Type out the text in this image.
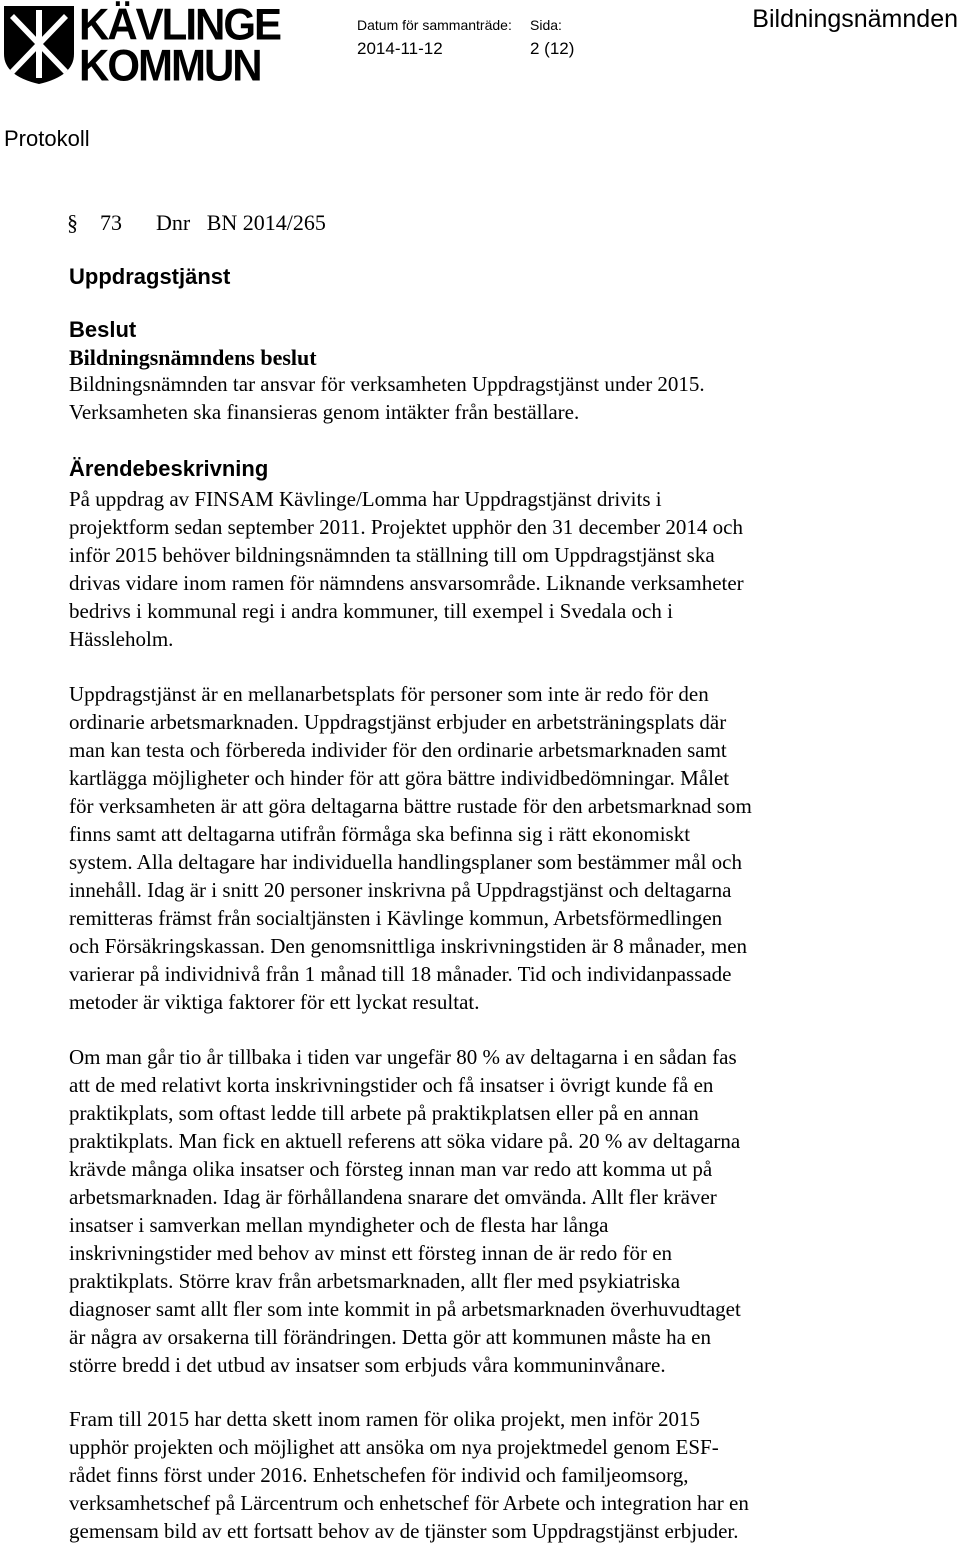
KÄVLINGE
KOMMUN
Datum för sammanträde: Sida:
2014-11-12	2 (12)
Bildningsnämnden
Protokoll
§ 73 Dnr   BN 2014/265
Uppdragstjänst
Beslut
Bildningsnämndens beslut

Bildningsnämnden tar ansvar för verksamheten Uppdragstjänst under 2015.
Verksamheten ska finansieras genom intäkter från beställare.

Ärendebeskrivning

På uppdrag av FINSAM Kävlinge/Lomma har Uppdragstjänst drivits i
projektform sedan september 2011. Projektet upphör den 31 december 2014 och
inför 2015 behöver bildningsnämnden ta ställning till om Uppdragstjänst ska
drivas vidare inom ramen för nämndens ansvarsområde. Liknande verksamheter
bedrivs i kommunal regi i andra kommuner, till exempel i Svedala och i
Hässleholm.

Uppdragstjänst är en mellanarbetsplats för personer som inte är redo för den
ordinarie arbetsmarknaden. Uppdragstjänst erbjuder en arbetsträningsplats där
man kan testa och förbereda individer för den ordinarie arbetsmarknaden samt
kartlägga möjligheter och hinder för att göra bättre individbedömningar. Målet
för verksamheten är att göra deltagarna bättre rustade för den arbetsmarknad som
finns samt att deltagarna utifrån förmåga ska befinna sig i rätt ekonomiskt
system. Alla deltagare har individuella handlingsplaner som bestämmer mål och
innehåll. Idag är i snitt 20 personer inskrivna på Uppdragstjänst och deltagarna
remitteras främst från socialtjänsten i Kävlinge kommun, Arbetsförmedlingen
och Försäkringskassan. Den genomsnittliga inskrivningstiden är 8 månader, men
varierar på individnivå från 1 månad till 18 månader. Tid och individanpassade
metoder är viktiga faktorer för ett lyckat resultat.

Om man går tio år tillbaka i tiden var ungefär 80 % av deltagarna i en sådan fas
att de med relativt korta inskrivningstider och få insatser i övrigt kunde få en
praktikplats, som oftast ledde till arbete på praktikplatsen eller på en annan
praktikplats. Man fick en aktuell referens att söka vidare på. 20 % av deltagarna
krävde många olika insatser och försteg innan man var redo att komma ut på
arbetsmarknaden. Idag är förhållandena snarare det omvända. Allt fler kräver
insatser i samverkan mellan myndigheter och de flesta har långa
inskrivningstider med behov av minst ett försteg innan de är redo för en
praktikplats. Större krav från arbetsmarknaden, allt fler med psykiatriska
diagnoser samt allt fler som inte kommit in på arbetsmarknaden överhuvudtaget
är några av orsakerna till förändringen. Detta gör att kommunen måste ha en
större bredd i det utbud av insatser som erbjuds våra kommuninvånare.

Fram till 2015 har detta skett inom ramen för olika projekt, men inför 2015
upphör projekten och möjlighet att ansöka om nya projektmedel genom ESF-
rådet finns först under 2016. Enhetschefen för individ och familjeomsorg,
verksamhetschef på Lärcentrum och enhetschef för Arbete och integration har en
gemensam bild av ett fortsatt behov av de tjänster som Uppdragstjänst erbjuder.
